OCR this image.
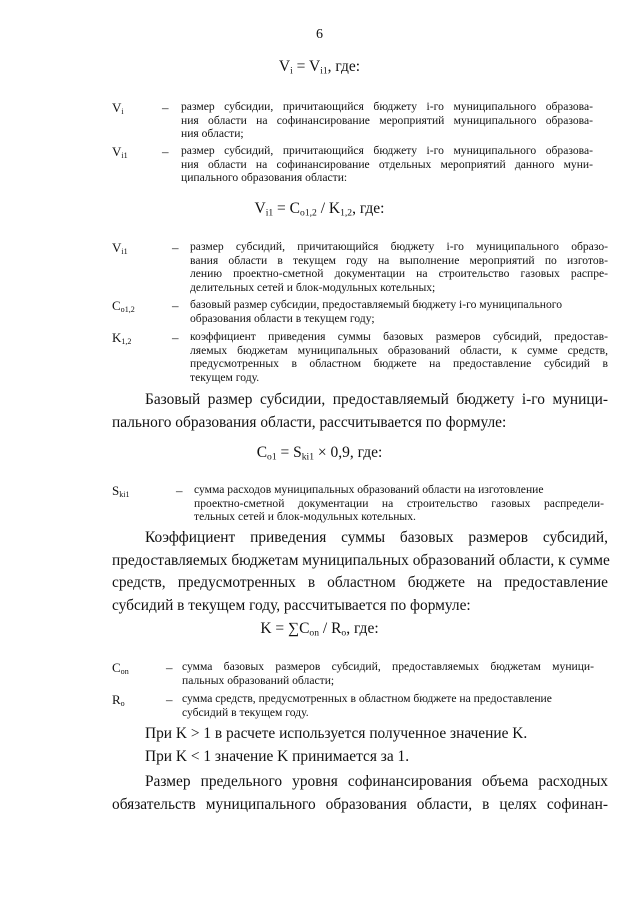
6
$V_i = V_{i1}$, где:
$V_i$	– размер субсидии, причитающийся бюджету i-го муниципального образова-
ния области на софинансирование мероприятий муниципального образова-
ния области;
$V_{i1}$	– размер субсидий, причитающийся бюджету i-го муниципального образова-
ния области на софинансирование отдельных мероприятий данного муни-
ципального образования области:
$V_{i1} = C_{o1,2} / K_{1,2}$, где:
$V_{i1}$	– размер субсидий, причитающийся бюджету i-го муниципального образо-
вания области в текущем году на выполнение мероприятий по изготов-
лению проектно-сметной документации на строительство газовых распре-
делительных сетей и блок-модульных котельных;
$C_{o1,2}$	– базовый размер субсидии, предоставляемый бюджету i-го муниципального
образования области в текущем году;
$K_{1,2}$	– коэффициент приведения суммы базовых размеров субсидий, предостав-
ляемых бюджетам муниципальных образований области, к сумме средств,
предусмотренных в областном бюджете на предоставление субсидий в
текущем году.
Базовый размер субсидии, предоставляемый бюджету i-го муници-
пального образования области, рассчитывается по формуле:
$C_{o1} = S_{ki1} \times 0,9$, где:
$S_{ki1}$	– сумма расходов муниципальных образований области на изготовление
проектно-сметной документации на строительство газовых распредели-
тельных сетей и блок-модульных котельных.
Коэффициент приведения суммы базовых размеров субсидий,
предоставляемых бюджетам муниципальных образований области, к сумме
средств, предусмотренных в областном бюджете на предоставление
субсидий в текущем году, рассчитывается по формуле:
$K = \sum C_{on} / R_o$, где:
$C_{on}$	– сумма базовых размеров субсидий, предоставляемых бюджетам муници-
пальных образований области;
$R_o$	– сумма средств, предусмотренных в областном бюджете на предоставление
субсидий в текущем году.
При K > 1 в расчете используется полученное значение K.
При K < 1 значение K принимается за 1.
Размер предельного уровня софинансирования объема расходных
обязательств муниципального образования области, в целях софинан-
